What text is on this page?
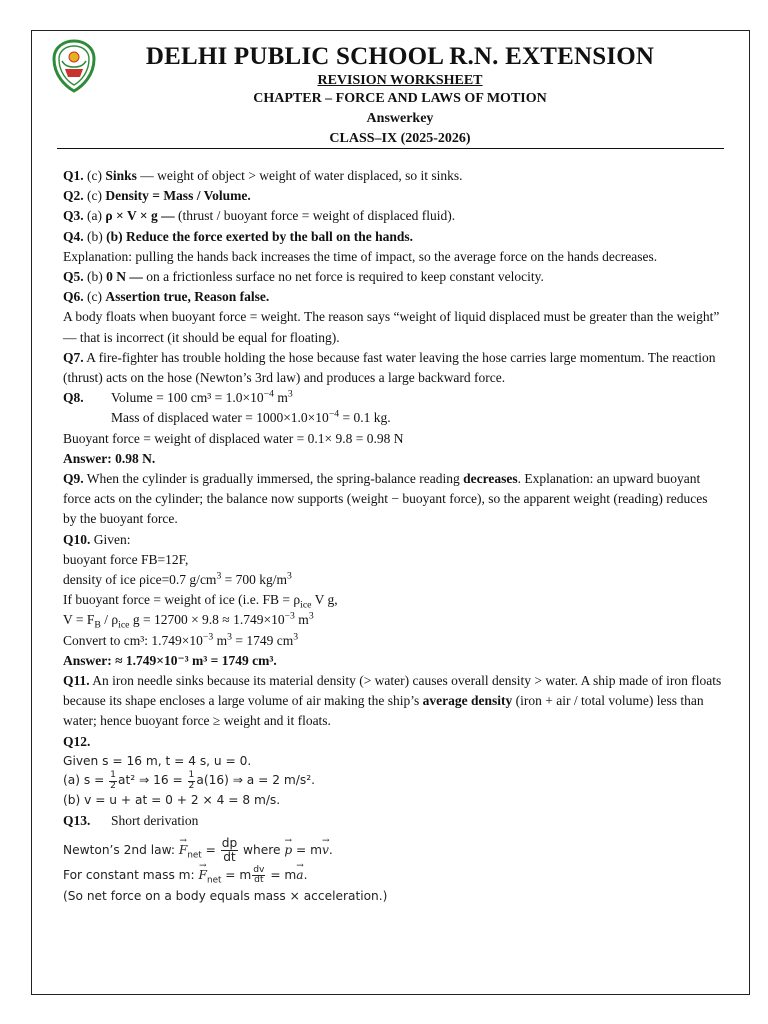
DELHI PUBLIC SCHOOL R.N. EXTENSION
REVISION WORKSHEET
CHAPTER – FORCE AND LAWS OF MOTION
Answerkey
CLASS–IX (2025-2026)

Q1. (c) Sinks — weight of object > weight of water displaced, so it sinks.

Q2. (c) Density = Mass / Volume.

Q3. (a) ρ × V × g — (thrust / buoyant force = weight of displaced fluid).

Q4. (b) (b) Reduce the force exerted by the ball on the hands.

Explanation: pulling the hands back increases the time of impact, so the average force on the hands decreases.

Q5. (b) 0 N — on a frictionless surface no net force is required to keep constant velocity.

Q6. (c) Assertion true, Reason false.

A body floats when buoyant force = weight. The reason says “weight of liquid displaced must be greater than the weight” — that is incorrect (it should be equal for floating).

Q7. A fire-fighter has trouble holding the hose because fast water leaving the hose carries large momentum. The reaction (thrust) acts on the hose (Newton’s 3rd law) and produces a large backward force.

Q8. Volume = 100 $cm^3 = 1.0\times 10^{-4}$ $m^3$

Mass of displaced water = $1000\times 1.0\times 10^{-4} = 0.1$ kg.

Buoyant force = weight of displaced water = 0.1× 9.8 = 0.98 N

Answer: 0.98 N.

Q9. When the cylinder is gradually immersed, the spring-balance reading decreases. Explanation: an upward buoyant force acts on the cylinder; the balance now supports (weight − buoyant force), so the apparent weight (reading) reduces by the buoyant force.

Q10. Given:

buoyant force FB=12F,

density of ice ρice=0.7 $g/cm^3 = 700$ $kg/m^3$

If buoyant force = weight of ice (i.e. FB = $\rho_{ice}$ V g,

$V = F_B / \rho_{ice}$ $g = 12700 \times 9.8 \approx 1.749\times 10^{-3}$ $m^3$

Convert to cm³: $1.749\times 10^{-3}$ $m^3 = 1749$ $cm^3$

Answer: ≈ 1.749×10⁻³ m³ = 1749 cm³.

Q11. An iron needle sinks because its material density (> water) causes overall density > water. A ship made of iron floats because its shape encloses a large volume of air making the ship’s average density (iron + air / total volume) less than water; hence buoyant force ≥ weight and it floats.

Q12.

Given s = 16 m, t = 4 s, u = 0.

(a) $s = \frac{1}{2} at^2$ ⇒ $16 = \frac{1}{2} a(16)$ ⇒ a = 2 m/s².

(b) v = u + at = 0 + 2 × 4 = 8 m/s.

Q13. Short derivation

Newton’s 2nd law: → $F_{net} = \frac{dp}{dt}$ where → p = m→ v.

For constant mass m: → $F_{net} = m \frac{dv}{dt} = m\to a$.

(So net force on a body equals mass × acceleration.)
